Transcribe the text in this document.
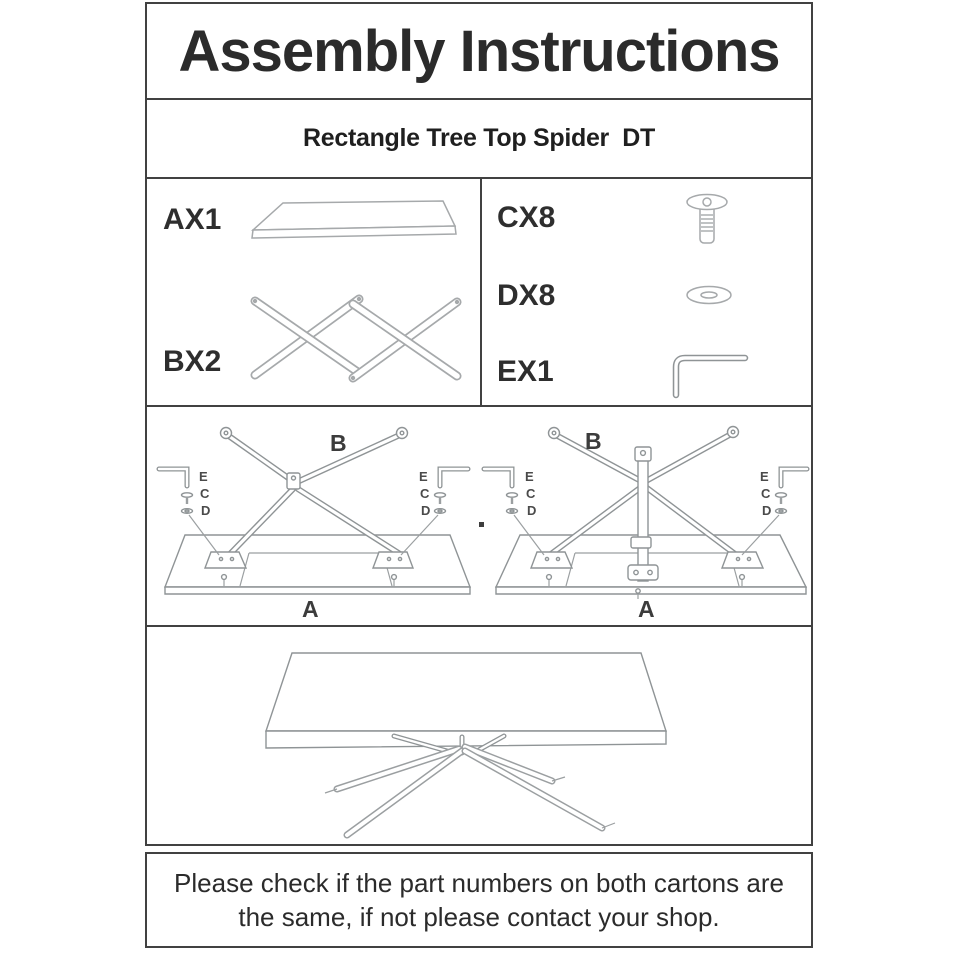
Assembly Instructions
Rectangle Tree Top Spider  DT
AX1
BX2
CX8
DX8
EX1
E
C
D
E
C
D
B
A
E
C
D
E
C
D
B
A

Please check if the part numbers on both cartons are the same, if not please contact your shop.
